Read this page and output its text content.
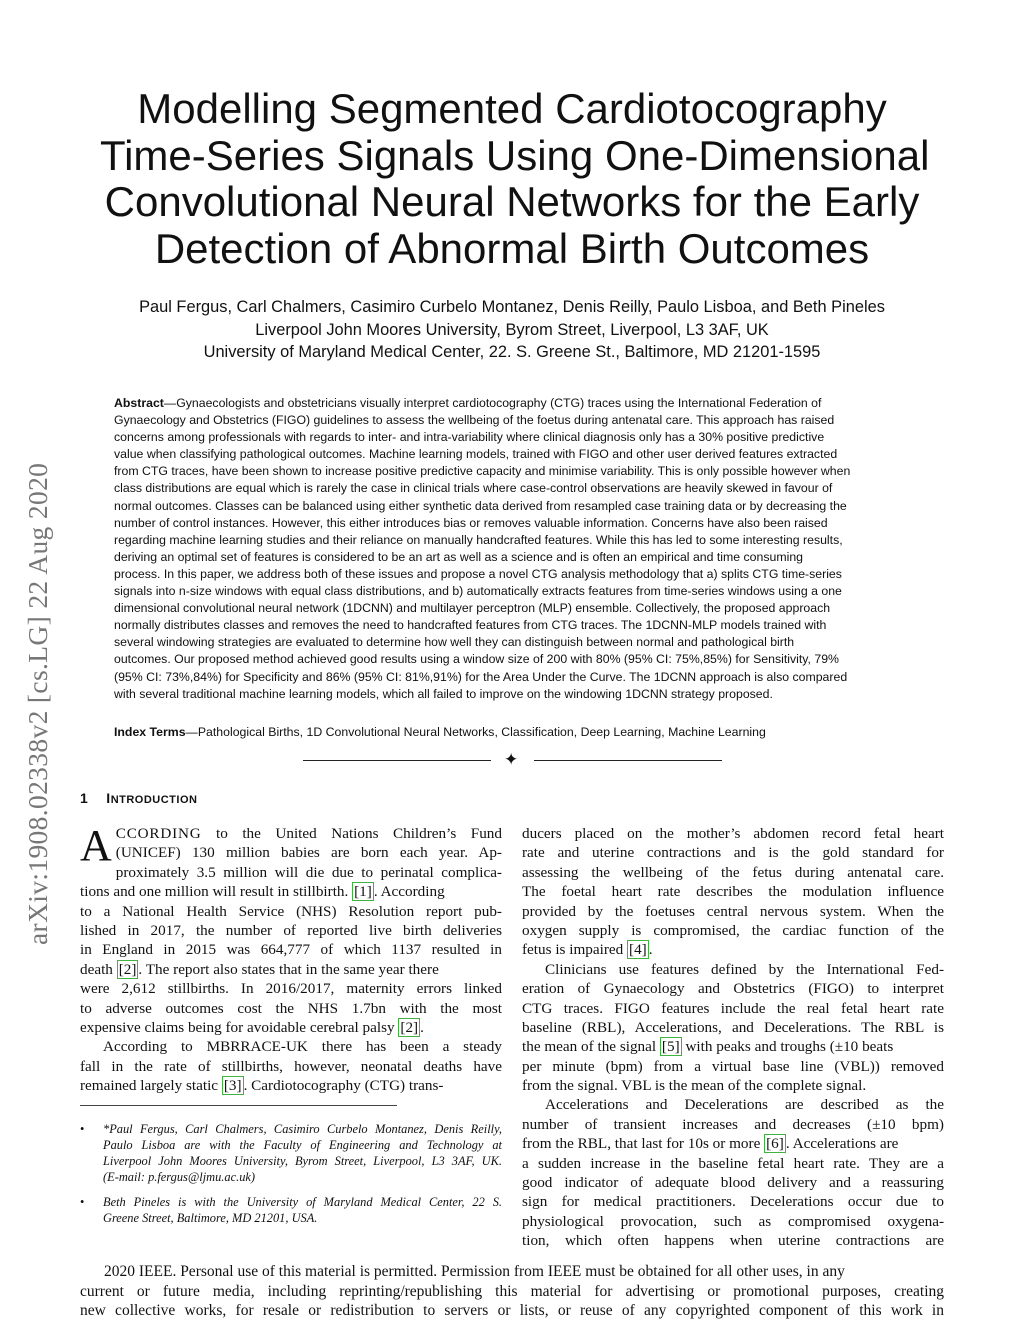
arXiv:1908.02338v2 [cs.LG] 22 Aug 2020
Modelling Segmented Cardiotocography
Time-Series Signals Using One-Dimensional
Convolutional Neural Networks for the Early
Detection of Abnormal Birth Outcomes
Paul Fergus, Carl Chalmers, Casimiro Curbelo Montanez, Denis Reilly, Paulo Lisboa, and Beth Pineles
Liverpool John Moores University, Byrom Street, Liverpool, L3 3AF, UK
University of Maryland Medical Center, 22. S. Greene St., Baltimore, MD 21201-1595
Abstract—Gynaecologists and obstetricians visually interpret cardiotocography (CTG) traces using the International Federation of
Gynaecology and Obstetrics (FIGO) guidelines to assess the wellbeing of the foetus during antenatal care. This approach has raised
concerns among professionals with regards to inter- and intra-variability where clinical diagnosis only has a 30% positive predictive
value when classifying pathological outcomes. Machine learning models, trained with FIGO and other user derived features extracted
from CTG traces, have been shown to increase positive predictive capacity and minimise variability. This is only possible however when
class distributions are equal which is rarely the case in clinical trials where case-control observations are heavily skewed in favour of
normal outcomes. Classes can be balanced using either synthetic data derived from resampled case training data or by decreasing the
number of control instances. However, this either introduces bias or removes valuable information. Concerns have also been raised
regarding machine learning studies and their reliance on manually handcrafted features. While this has led to some interesting results,
deriving an optimal set of features is considered to be an art as well as a science and is often an empirical and time consuming
process. In this paper, we address both of these issues and propose a novel CTG analysis methodology that a) splits CTG time-series
signals into n-size windows with equal class distributions, and b) automatically extracts features from time-series windows using a one
dimensional convolutional neural network (1DCNN) and multilayer perceptron (MLP) ensemble. Collectively, the proposed approach
normally distributes classes and removes the need to handcrafted features from CTG traces. The 1DCNN-MLP models trained with
several windowing strategies are evaluated to determine how well they can distinguish between normal and pathological birth
outcomes. Our proposed method achieved good results using a window size of 200 with 80% (95% CI: 75%,85%) for Sensitivity, 79%
(95% CI: 73%,84%) for Specificity and 86% (95% CI: 81%,91%) for the Area Under the Curve. The 1DCNN approach is also compared
with several traditional machine learning models, which all failed to improve on the windowing 1DCNN strategy proposed.
Index Terms—Pathological Births, 1D Convolutional Neural Networks, Classification, Deep Learning, Machine Learning
✦
1 INTRODUCTION
A CCORDING to the United Nations Children’s Fund
(UNICEF) 130 million babies are born each year. Ap-
proximately 3.5 million will die due to perinatal complica-
tions and one million will result in stillbirth. [1] . According
to a National Health Service (NHS) Resolution report pub-
lished in 2017, the number of reported live birth deliveries
in England in 2015 was 664,777 of which 1137 resulted in
death [2] . The report also states that in the same year there
were 2,612 stillbirths. In 2016/2017, maternity errors linked
to adverse outcomes cost the NHS 1.7bn with the most
expensive claims being for avoidable cerebral palsy [2] .
According to MBRRACE-UK there has been a steady
fall in the rate of stillbirths, however, neonatal deaths have
remained largely static [3] . Cardiotocography (CTG) trans-
• *Paul Fergus, Carl Chalmers, Casimiro Curbelo Montanez, Denis Reilly,
Paulo Lisboa are with the Faculty of Engineering and Technology at
Liverpool John Moores University, Byrom Street, Liverpool, L3 3AF, UK.
(E-mail: p.fergus@ljmu.ac.uk)
• Beth Pineles is with the University of Maryland Medical Center, 22 S.
Greene Street, Baltimore, MD 21201, USA.
ducers placed on the mother’s abdomen record fetal heart
rate and uterine contractions and is the gold standard for
assessing the wellbeing of the fetus during antenatal care.
The foetal heart rate describes the modulation influence
provided by the foetuses central nervous system. When the
oxygen supply is compromised, the cardiac function of the
fetus is impaired [4] .
Clinicians use features defined by the International Fed-
eration of Gynaecology and Obstetrics (FIGO) to interpret
CTG traces. FIGO features include the real fetal heart rate
baseline (RBL), Accelerations, and Decelerations. The RBL is
the mean of the signal [5] with peaks and troughs (±10 beats
per minute (bpm) from a virtual base line (VBL)) removed
from the signal. VBL is the mean of the complete signal.
Accelerations and Decelerations are described as the
number of transient increases and decreases (±10 bpm)
from the RBL, that last for 10s or more [6] . Accelerations are
a sudden increase in the baseline fetal heart rate. They are a
good indicator of adequate blood delivery and a reassuring
sign for medical practitioners. Decelerations occur due to
physiological provocation, such as compromised oxygena-
tion, which often happens when uterine contractions are
2020 IEEE. Personal use of this material is permitted. Permission from IEEE must be obtained for all other uses, in any
current or future media, including reprinting/republishing this material for advertising or promotional purposes, creating
new collective works, for resale or redistribution to servers or lists, or reuse of any copyrighted component of this work in
